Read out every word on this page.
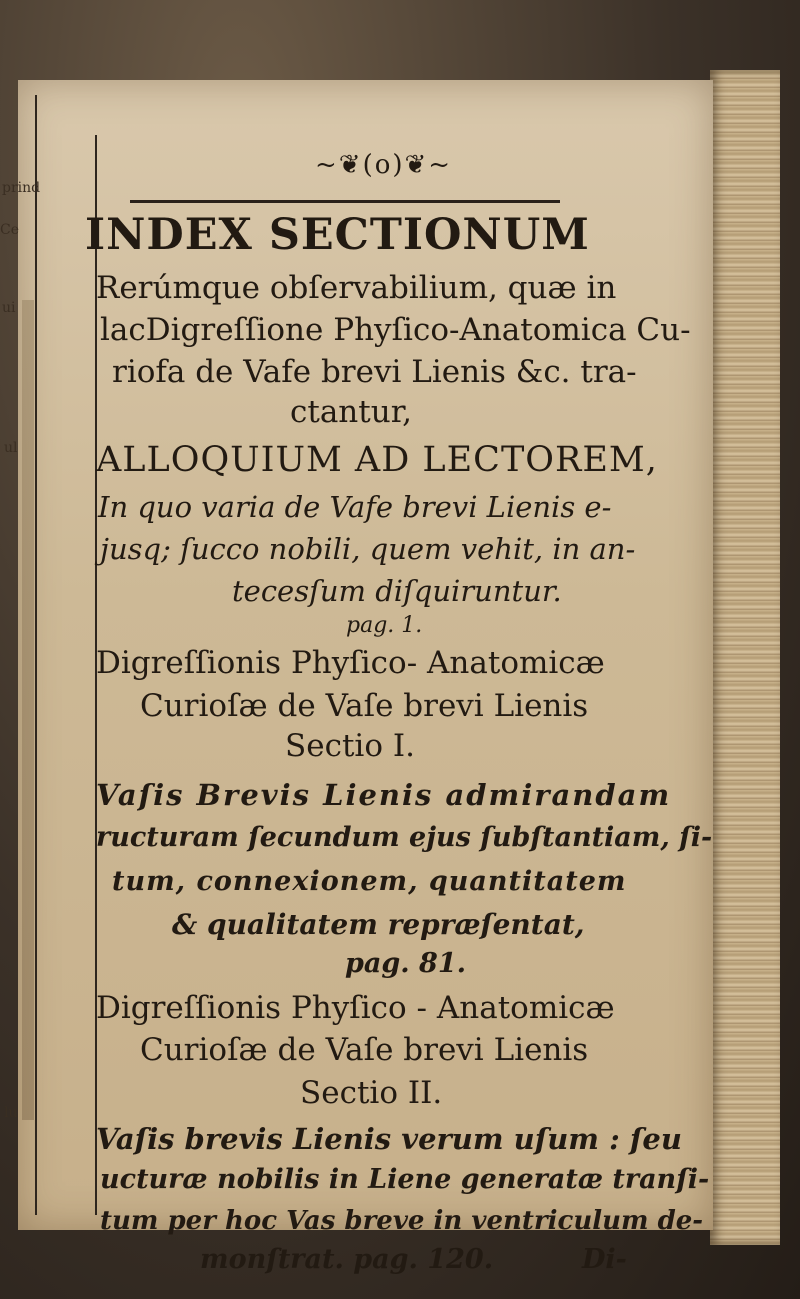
prind
Ce
ui
ul
lu
~❦(o)❦~
INDEX SECTIONUM
Rerúmque obſervabilium, quæ in
lacDigreſſione Phyſico-Anatomica Cu-
riofa de Vafe brevi Lienis &c. tra-
ctantur,
ALLOQUIUM AD LECTOREM,
In quo varia de Vafe brevi Lienis e-
jusq; ſucco nobili, quem vehit, in an-
tecesſum diſquiruntur.
pag. 1.
Digreſſionis Phyſico- Anatomicæ
Curioſæ de Vaſe brevi Lienis
Sectio I.
Vaſis Brevis Lienis admirandam
ructuram ſecundum ejus ſubſtantiam, ſi-
tum, connexionem, quantitatem
& qualitatem repræſentat,
pag. 81.
Digreſſionis Phyſico - Anatomicæ
Curioſæ de Vaſe brevi Lienis
Sectio II.
Vaſis brevis Lienis verum uſum : ſeu
ucturæ nobilis in Liene generatæ tranſi-
tum per hoc Vas breve in ventriculum de-
monſtrat. pag. 120.	Di-
